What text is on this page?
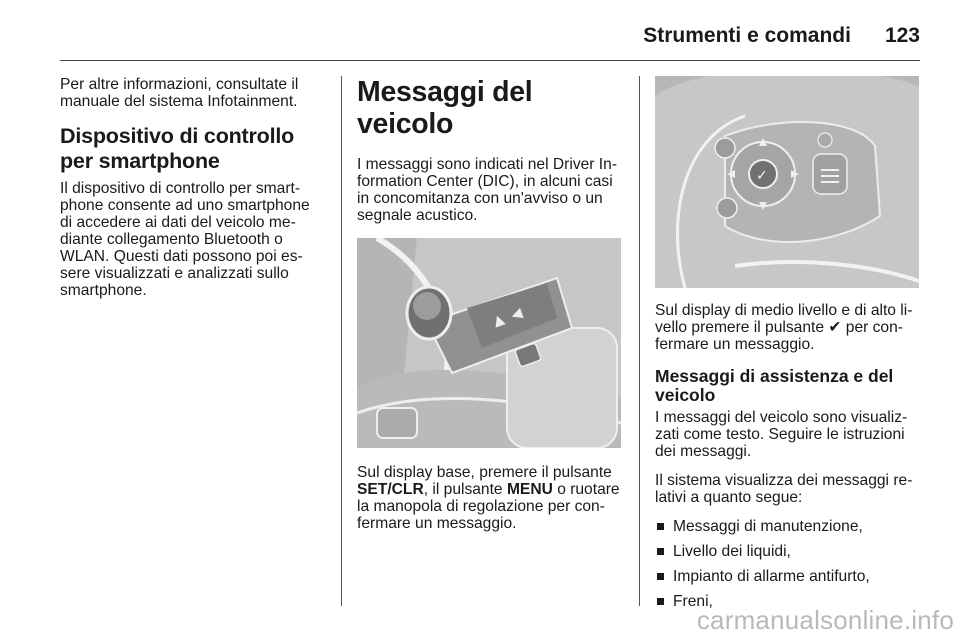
Strumenti e comandi 123

Per altre informazioni, consultate il manuale del sistema Infotainment.

Dispositivo di controllo per smartphone

Il dispositivo di controllo per smartphone consente ad uno smartphone di accedere ai dati del veicolo mediante collegamento Bluetooth o WLAN. Questi dati possono poi essere visualizzati e analizzati sullo smartphone.

Messaggi del veicolo

I messaggi sono indicati nel Driver Information Center (DIC), in alcuni casi in concomitanza con un'avviso o un segnale acustico.

▲ ◀

Sul display base, premere il pulsante SET/CLR, il pulsante MENU o ruotare la manopola di regolazione per confermare un messaggio.

✓

Sul display di medio livello e di alto livello premere il pulsante ✔ per confermare un messaggio.

Messaggi di assistenza e del veicolo

I messaggi del veicolo sono visualizzati come testo. Seguire le istruzioni dei messaggi.

Il sistema visualizza dei messaggi relativi a quanto segue:

Messaggi di manutenzione,
Livello dei liquidi,
Impianto di allarme antifurto,
Freni,
carmanualsonline.info
